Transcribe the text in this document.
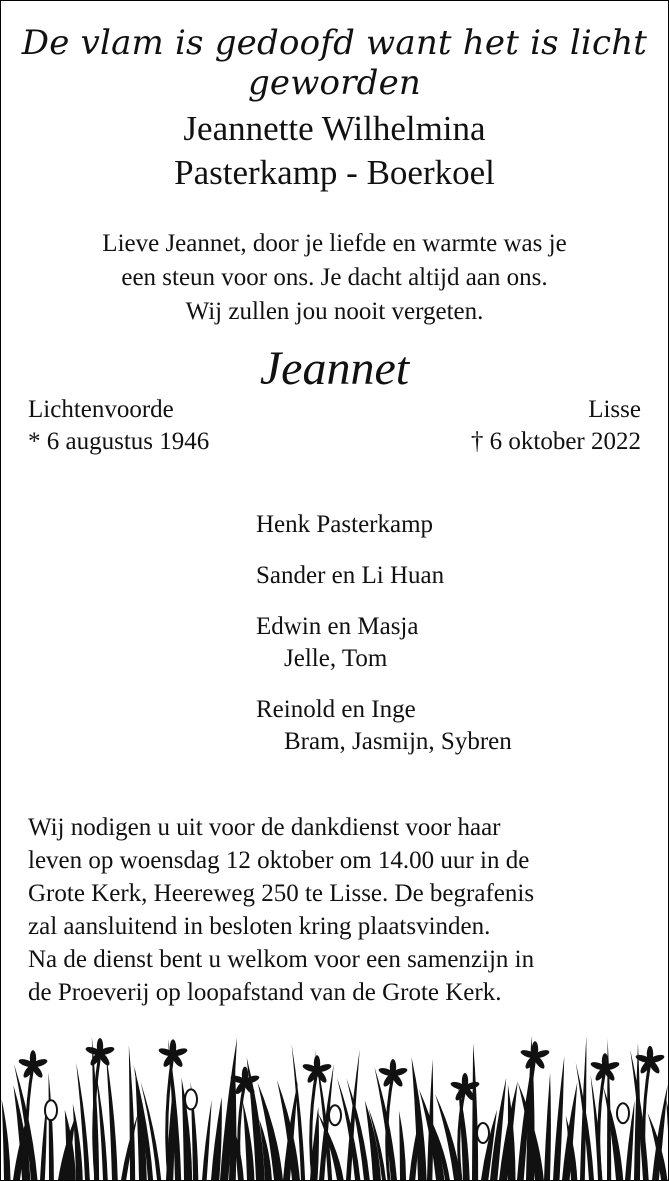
De vlam is gedoofd want het is licht geworden
Jeannette Wilhelmina
Pasterkamp - Boerkoel
Lieve Jeannet, door je liefde en warmte was je
een steun voor ons. Je dacht altijd aan ons.
Wij zullen jou nooit vergeten.
Jeannet
Lichtenvoorde	Lisse
* 6 augustus 1946	† 6 oktober 2022
Henk Pasterkamp
Sander en Li Huan
Edwin en Masja
Jelle, Tom
Reinold en Inge
Bram, Jasmijn, Sybren
Wij nodigen u uit voor de dankdienst voor haar
leven op woensdag 12 oktober om 14.00 uur in de
Grote Kerk, Heereweg 250 te Lisse. De begrafenis
zal aansluitend in besloten kring plaatsvinden.
Na de dienst bent u welkom voor een samenzijn in
de Proeverij op loopafstand van de Grote Kerk.
